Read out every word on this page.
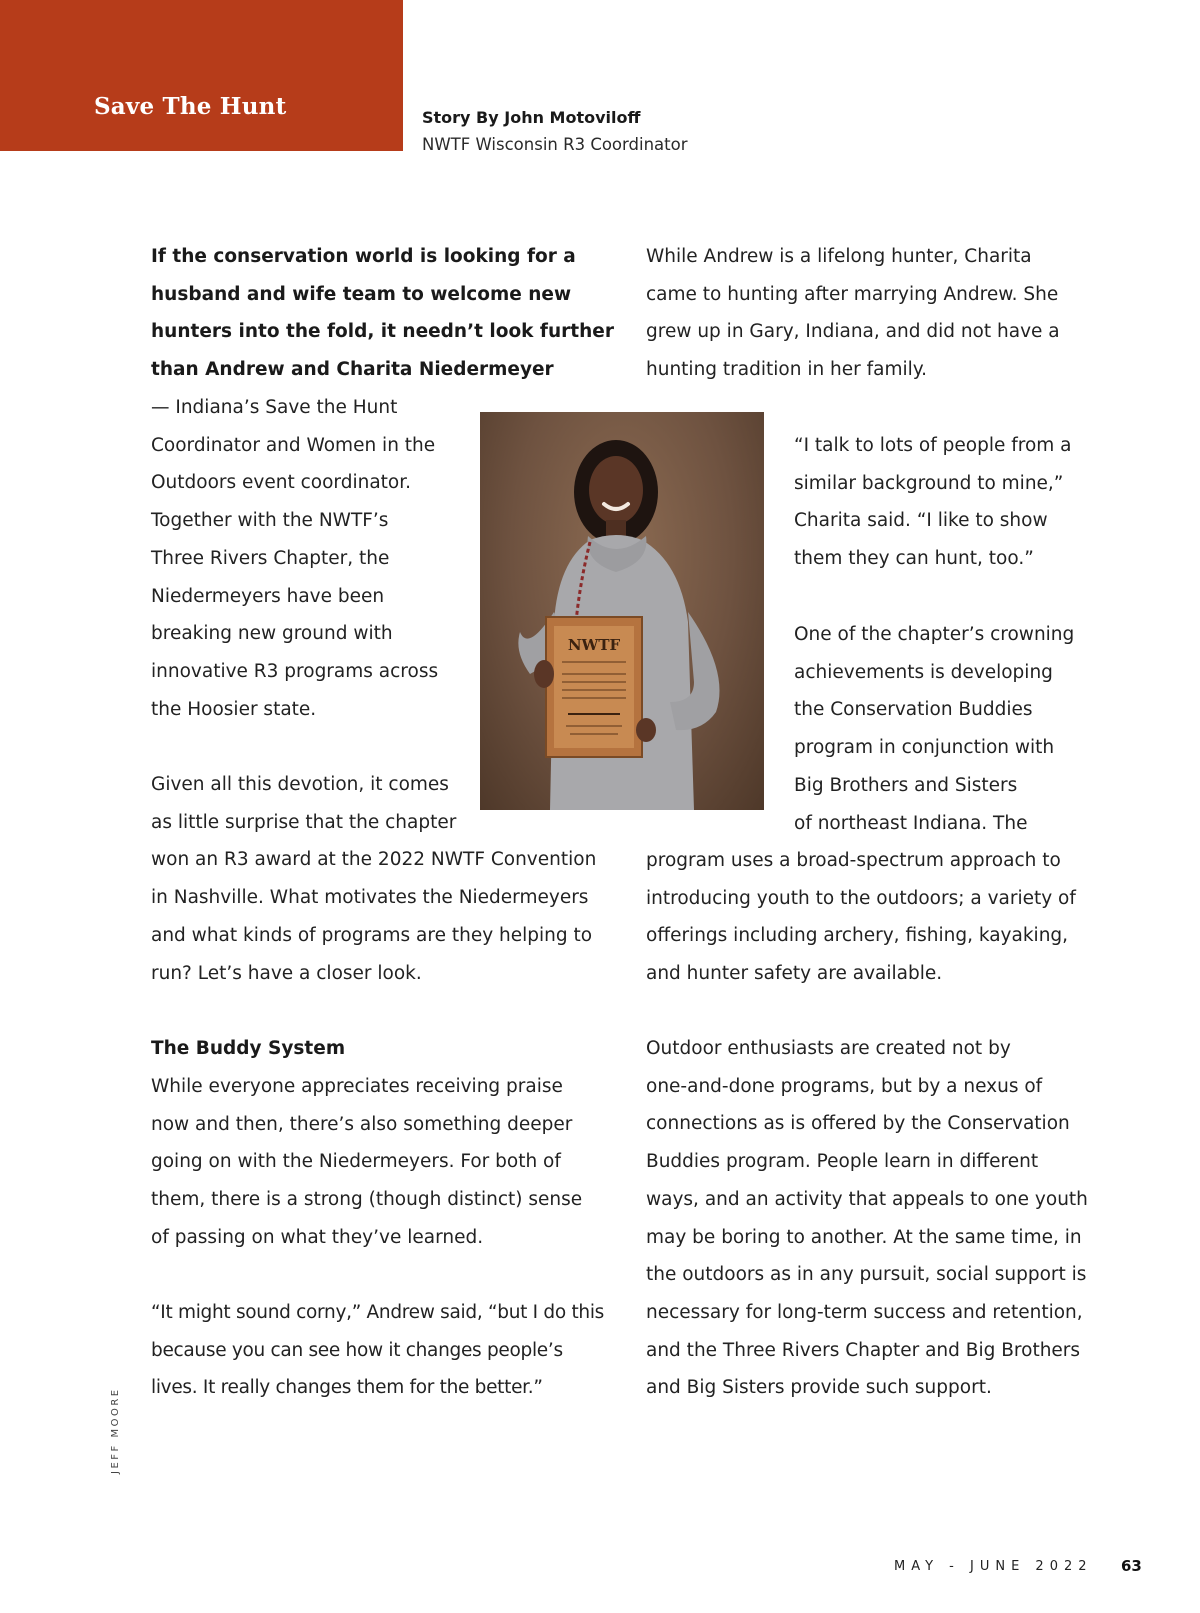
Save The Hunt	Story By John Motoviloff
NWTF Wisconsin R3 Coordinator

If the conservation world is looking for a
husband and wife team to welcome new
hunters into the fold, it needn’t look further
than Andrew and Charita Niedermeyer

— Indiana’s Save the Hunt
Coordinator and Women in the
Outdoors event coordinator.
Together with the NWTF’s
Three Rivers Chapter, the
Niedermeyers have been
breaking new ground with
innovative R3 programs across
the Hoosier state.

Given all this devotion, it comes
as little surprise that the chapter
won an R3 award at the 2022 NWTF Convention
in Nashville. What motivates the Niedermeyers
and what kinds of programs are they helping to
run? Let’s have a closer look.

The Buddy System

While everyone appreciates receiving praise
now and then, there’s also something deeper
going on with the Niedermeyers. For both of
them, there is a strong (though distinct) sense
of passing on what they’ve learned.

“It might sound corny,” Andrew said, “but I do this
because you can see how it changes people’s
lives. It really changes them for the better.”

While Andrew is a lifelong hunter, Charita
came to hunting after marrying Andrew. She
grew up in Gary, Indiana, and did not have a
hunting tradition in her family.

“I talk to lots of people from a
similar background to mine,”
Charita said. “I like to show
them they can hunt, too.”

One of the chapter’s crowning
achievements is developing
the Conservation Buddies
program in conjunction with
Big Brothers and Sisters
of northeast Indiana. The

program uses a broad-spectrum approach to
introducing youth to the outdoors; a variety of
offerings including archery, fishing, kayaking,
and hunter safety are available.

Outdoor enthusiasts are created not by
one-and-done programs, but by a nexus of
connections as is offered by the Conservation
Buddies program. People learn in different
ways, and an activity that appeals to one youth
may be boring to another. At the same time, in
the outdoors as in any pursuit, social support is
necessary for long-term success and retention,
and the Three Rivers Chapter and Big Brothers
and Big Sisters provide such support.

NWTF
JEFF MOORE
MAY - JUNE 2022 63
